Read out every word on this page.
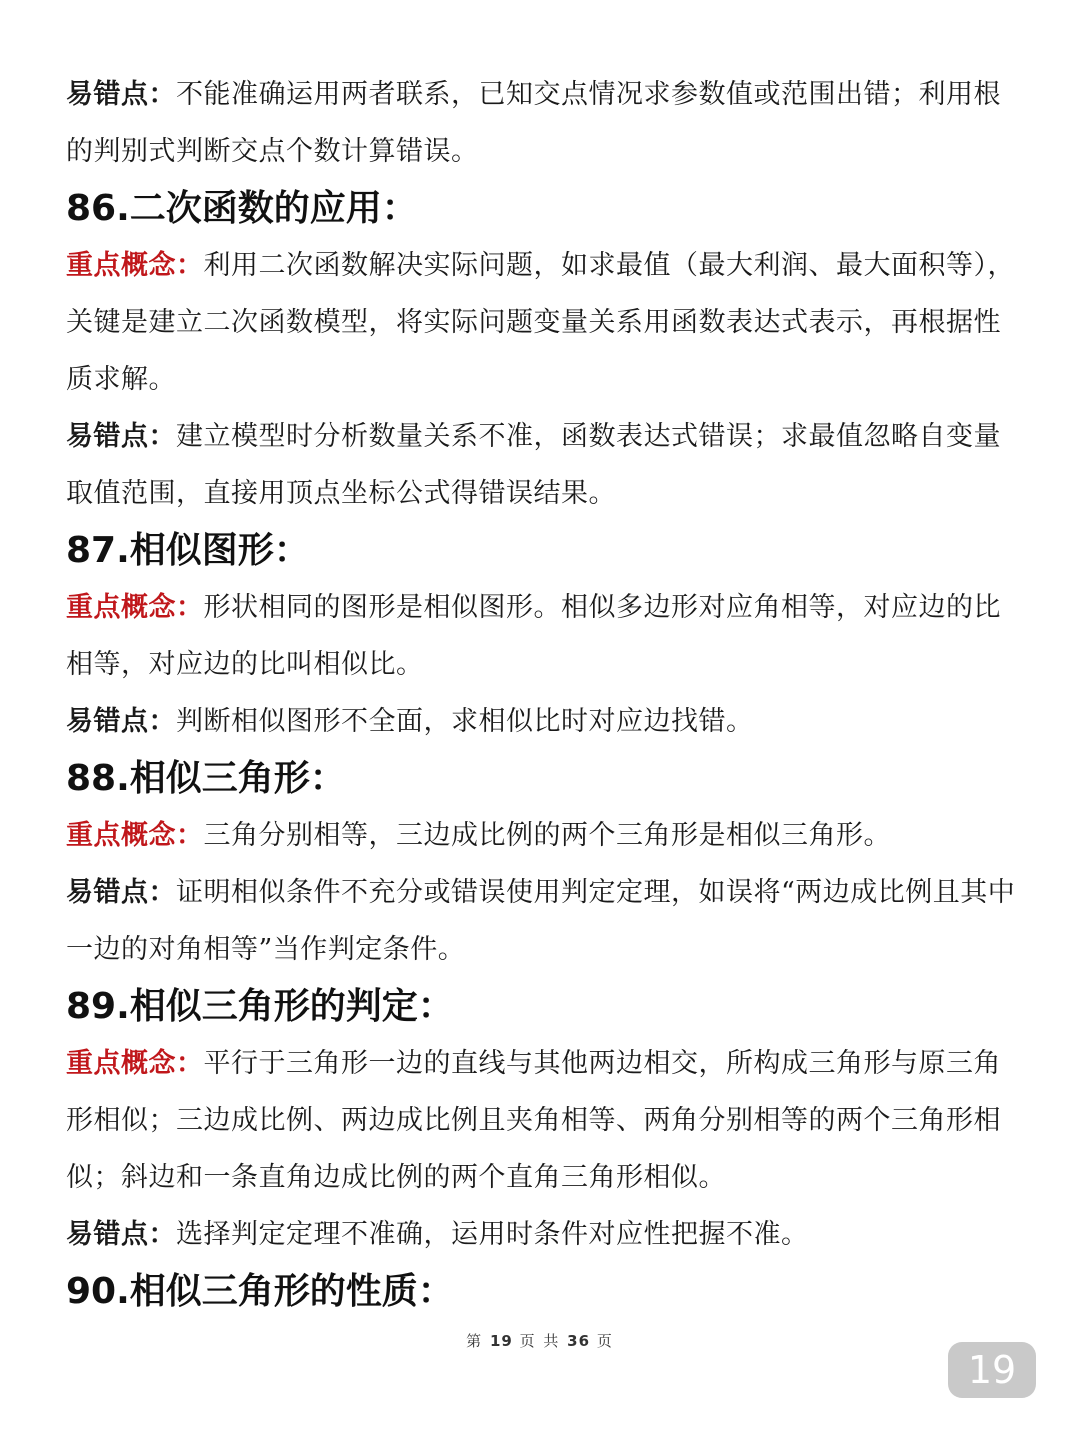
易错点：不能准确运用两者联系，已知交点情况求参数值或范围出错；利用根的判别式判断交点个数计算错误。

86.二次函数的应用：

重点概念：利用二次函数解决实际问题，如求最值（最大利润、最大面积等），关键是建立二次函数模型，将实际问题变量关系用函数表达式表示，再根据性质求解。

易错点：建立模型时分析数量关系不准，函数表达式错误；求最值忽略自变量取值范围，直接用顶点坐标公式得错误结果。

87.相似图形：

重点概念：形状相同的图形是相似图形。相似多边形对应角相等，对应边的比相等，对应边的比叫相似比。

易错点：判断相似图形不全面，求相似比时对应边找错。

88.相似三角形：

重点概念：三角分别相等，三边成比例的两个三角形是相似三角形。

易错点：证明相似条件不充分或错误使用判定定理，如误将“两边成比例且其中一边的对角相等”当作判定条件。

89.相似三角形的判定：

重点概念：平行于三角形一边的直线与其他两边相交，所构成三角形与原三角形相似；三边成比例、两边成比例且夹角相等、两角分别相等的两个三角形相似；斜边和一条直角边成比例的两个直角三角形相似。

易错点：选择判定定理不准确，运用时条件对应性把握不准。

90.相似三角形的性质：
第 19 页 共 36 页
19
